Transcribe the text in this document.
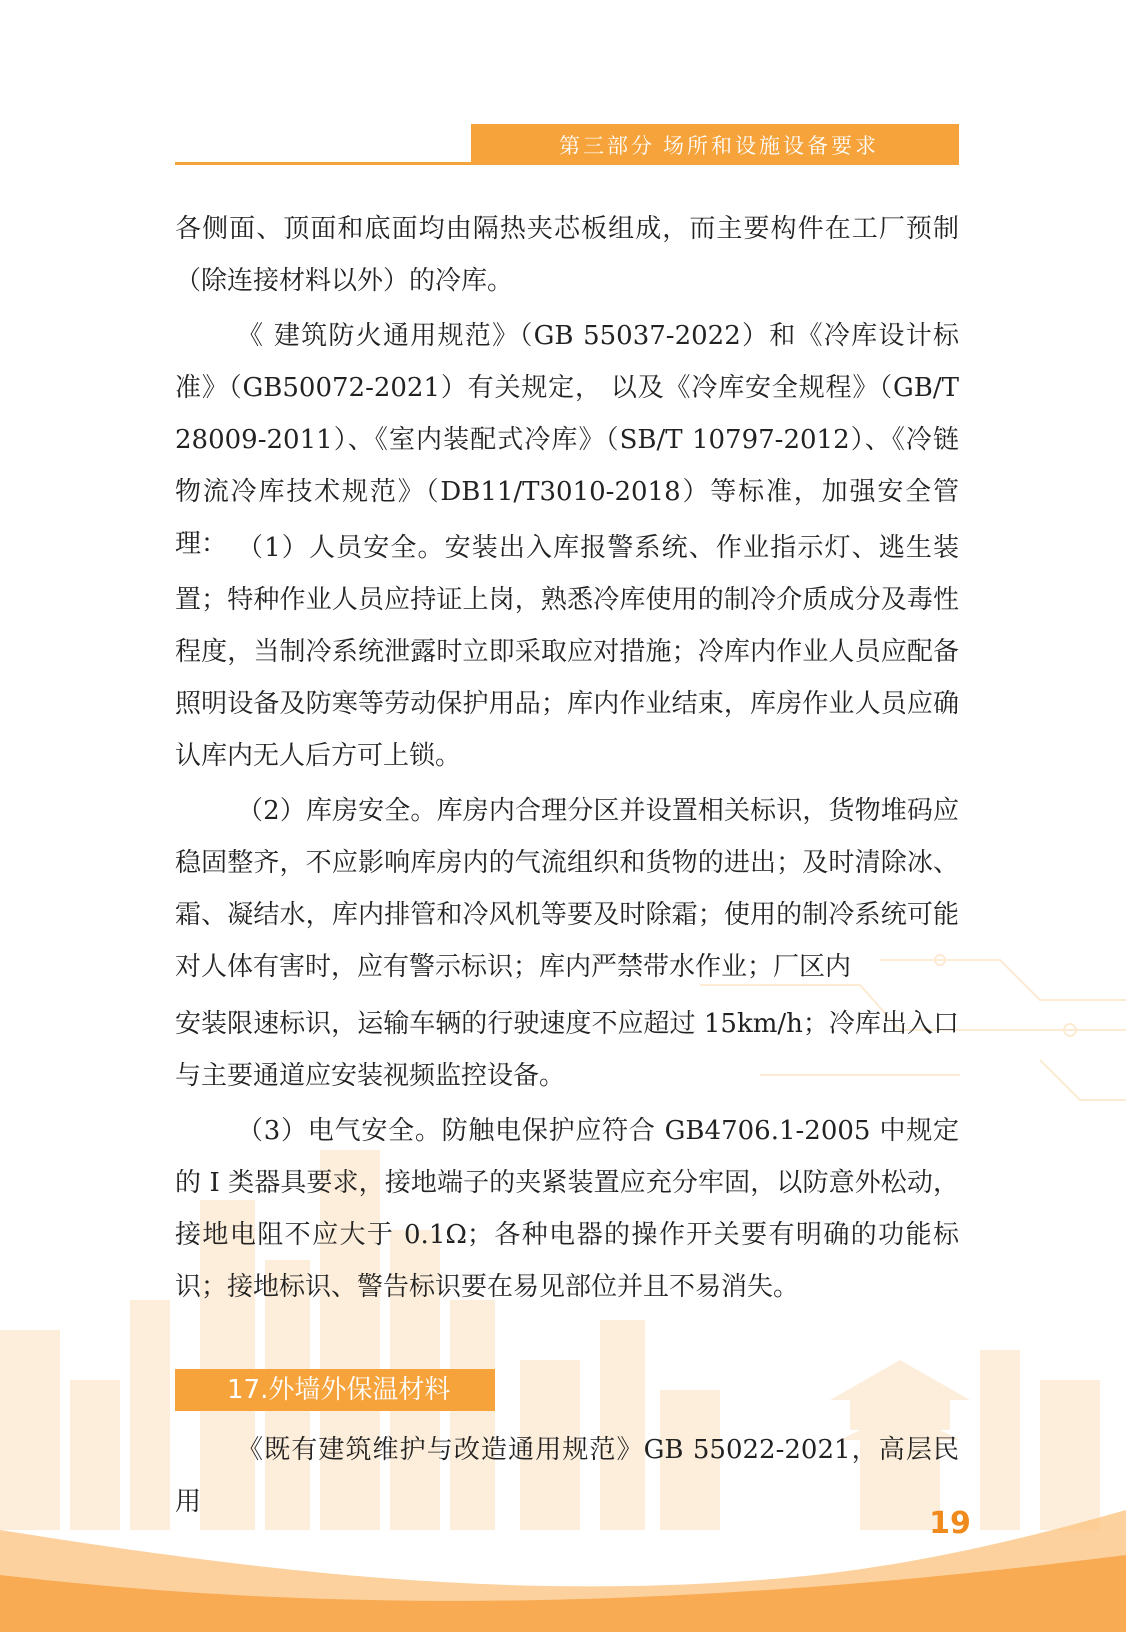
第三部分 场所和设施设备要求

各侧面、顶面和底面均由隔热夹芯板组成，而主要构件在工厂预制（除连接材料以外）的冷库。

《 建筑防火通用规范》（GB 55037-2022）和《冷库设计标准》（GB50072-2021）有关规定， 以及《冷库安全规程》（GB/T 28009-2011）、《室内装配式冷库》（SB/T 10797-2012）、《冷链物流冷库技术规范》（DB11/T3010-2018）等标准，加强安全管理： （1）人员安全。安装出入库报警系统、作业指示灯、逃生装置；特种作业人员应持证上岗，熟悉冷库使用的制冷介质成分及毒性程度，当制冷系统泄露时立即采取应对措施；冷库内作业人员应配备照明设备及防寒等劳动保护用品；库内作业结束，库房作业人员应确认库内无人后方可上锁。

（2）库房安全。库房内合理分区并设置相关标识，货物堆码应稳固整齐，不应影响库房内的气流组织和货物的进出；及时清除冰、霜、凝结水，库内排管和冷风机等要及时除霜；使用的制冷系统可能对人体有害时，应有警示标识；库内严禁带水作业；厂区内

安装限速标识，运输车辆的行驶速度不应超过 15km/h；冷库出入口与主要通道应安装视频监控设备。

（3）电气安全。防触电保护应符合 GB4706.1-2005 中规定的 I 类器具要求，接地端子的夹紧装置应充分牢固，以防意外松动，接地电阻不应大于 0.1Ω；各种电器的操作开关要有明确的功能标识；接地标识、警告标识要在易见部位并且不易消失。

《既有建筑维护与改造通用规范》GB 55022-2021，高层民用

17.外墙外保温材料
19
